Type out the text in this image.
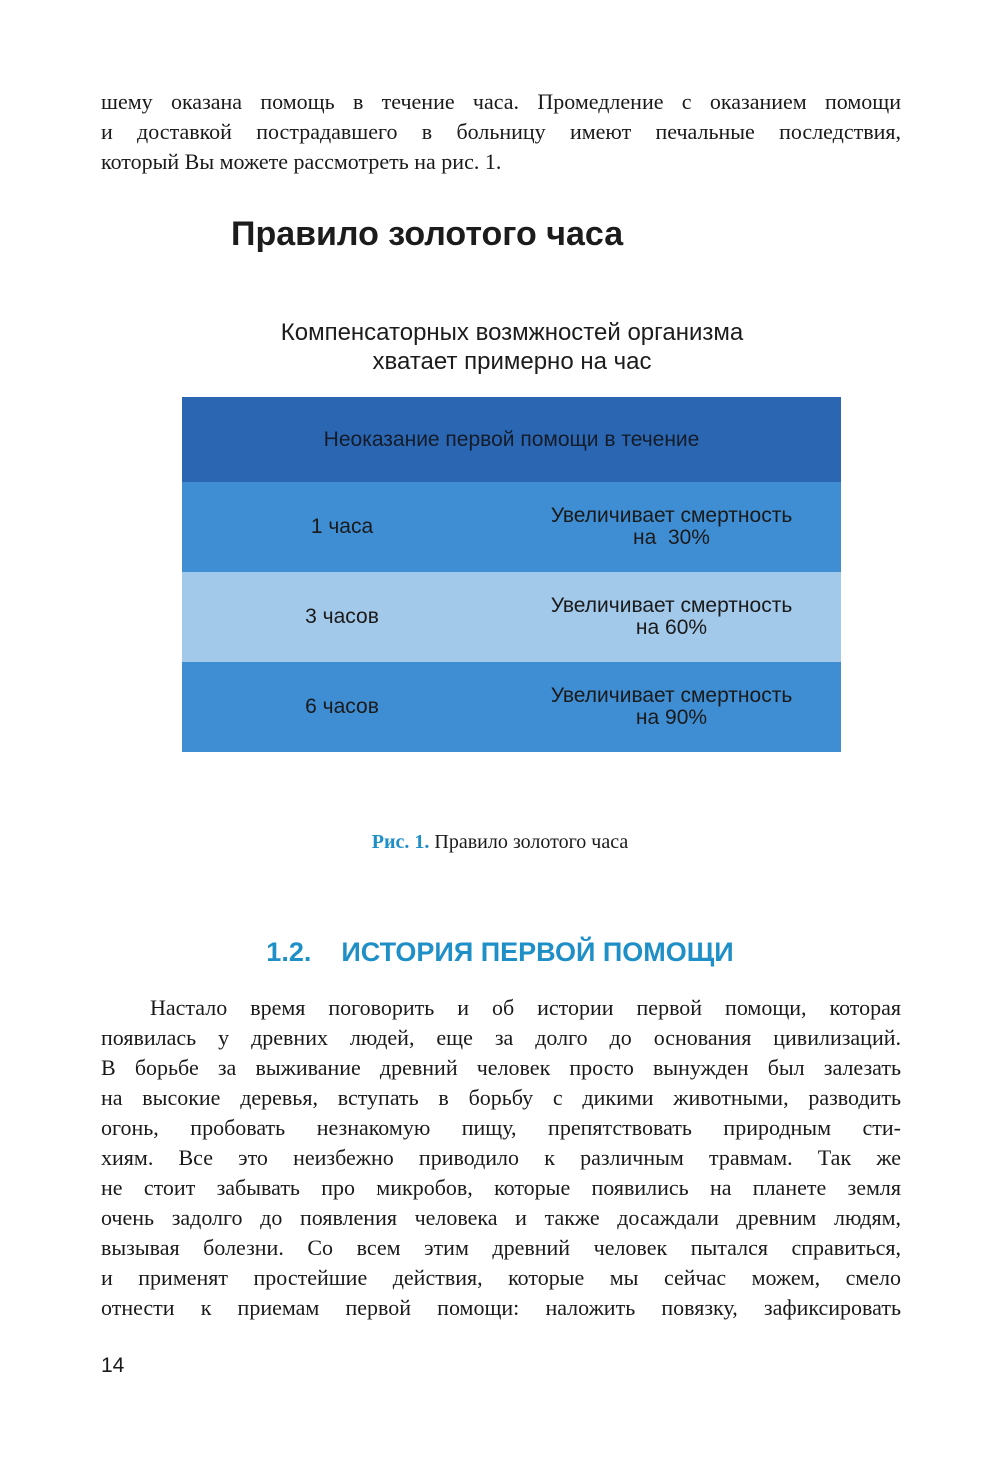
шему оказана помощь в течение часа. Промедление с оказанием помощи
и доставкой пострадавшего в больницу имеют печальные последствия,
который Вы можете рассмотреть на рис. 1.
Правило золотого часа
Компенсаторных возмжностей организма
хватает примерно на час
Неоказание первой помощи в течение
1 часа	Увеличивает смертность
на  30%
3 часов	Увеличивает смертность
на 60%
6 часов	Увеличивает смертность
на 90%
Рис. 1. Правило золотого часа
1.2. ИСТОРИЯ ПЕРВОЙ ПОМОЩИ
Настало время поговорить и об истории первой помощи, которая
появилась у древних людей, еще за долго до основания цивилизаций.
В борьбе за выживание древний человек просто вынужден был залезать
на высокие деревья, вступать в борьбу с дикими животными, разводить
огонь, пробовать незнакомую пищу, препятствовать природным сти-
хиям. Все это неизбежно приводило к различным травмам. Так же
не стоит забывать про микробов, которые появились на планете земля
очень задолго до появления человека и также досаждали древним людям,
вызывая болезни. Со всем этим древний человек пытался справиться,
и применят простейшие действия, которые мы сейчас можем, смело
отнести к приемам первой помощи: наложить повязку, зафиксировать
14
